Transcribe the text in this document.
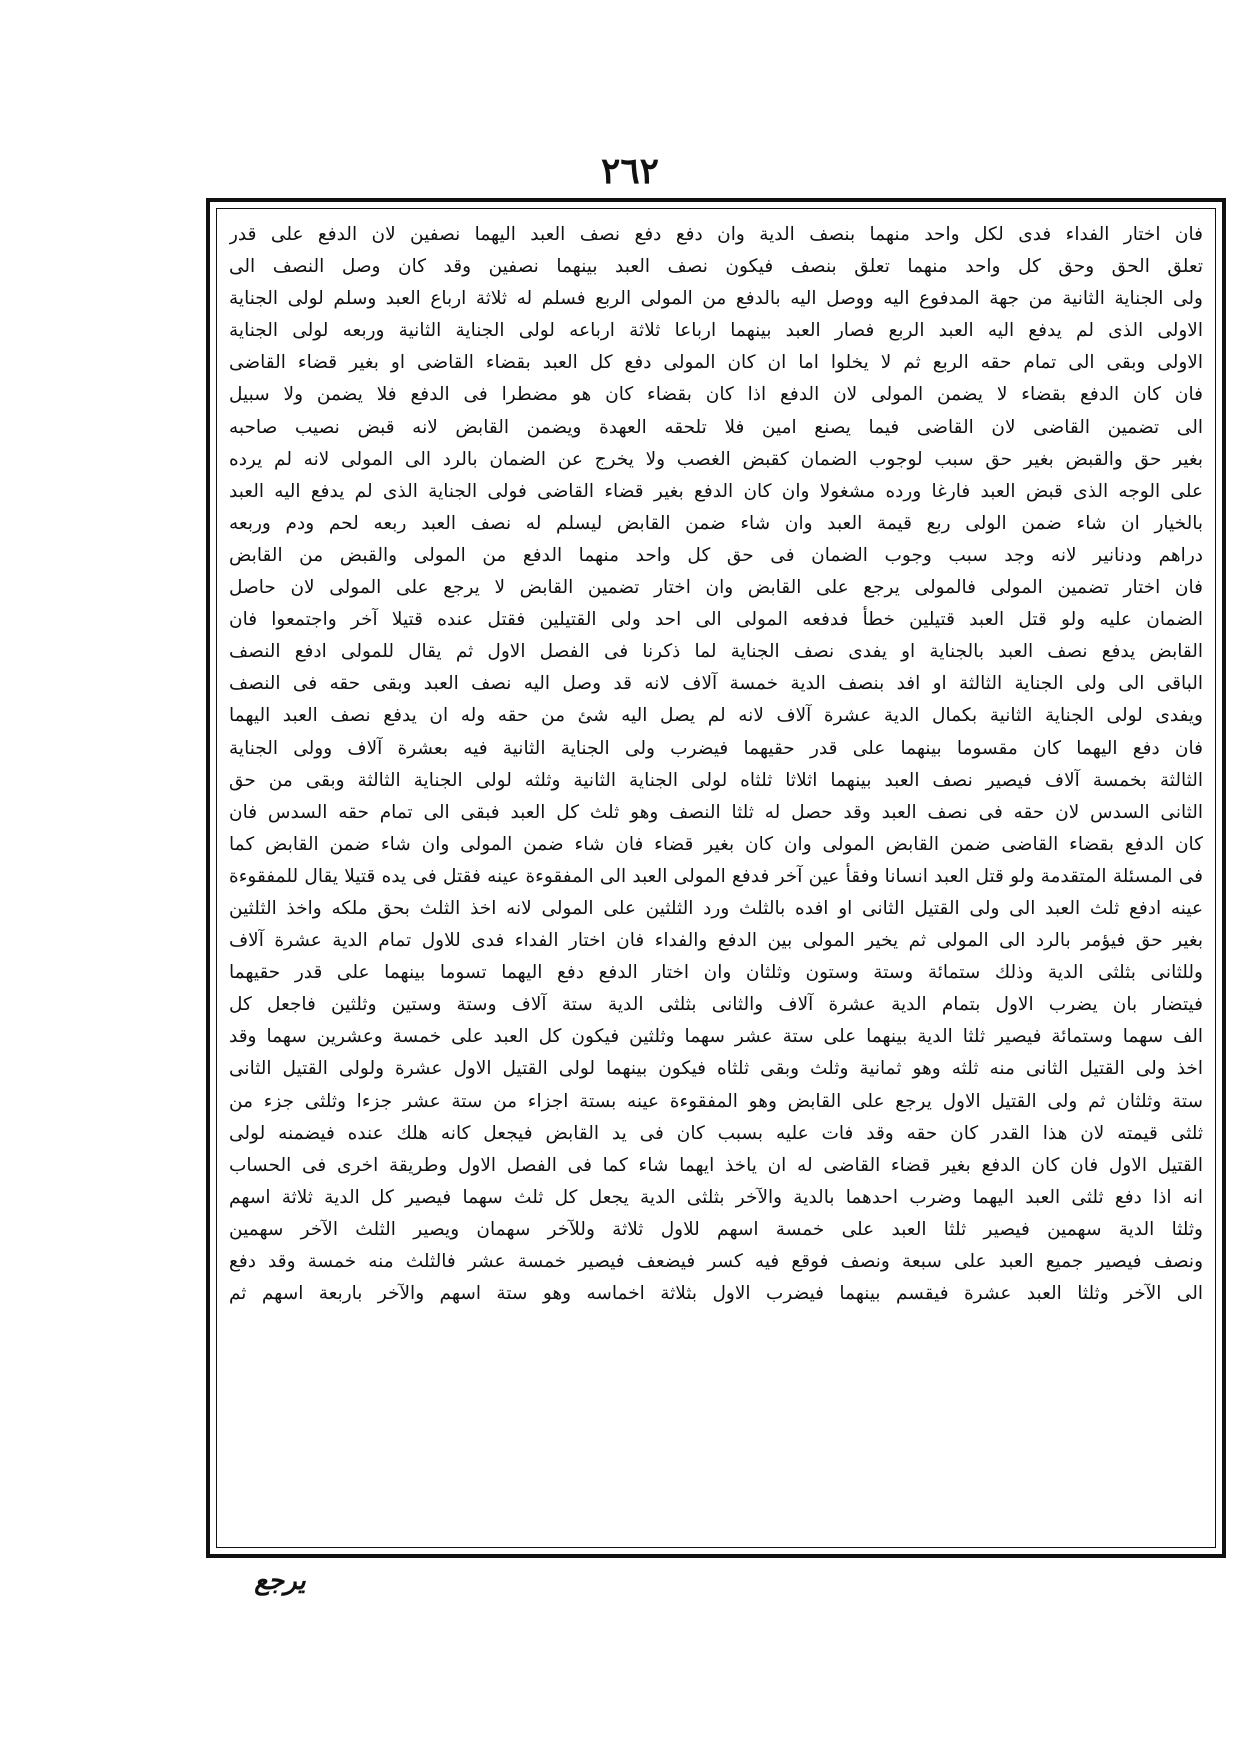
٢٦٢
فان اختار الفداء فدى لكل واحد منهما بنصف الدية وان دفع دفع نصف العبد اليهما نصفين لان الدفع على قدر
تعلق الحق وحق كل واحد منهما تعلق بنصف فيكون نصف العبد بينهما نصفين وقد كان وصل النصف الى
ولى الجناية الثانية من جهة المدفوع اليه ووصل اليه بالدفع من المولى الربع فسلم له ثلاثة ارباع العبد وسلم لولى الجناية
الاولى الذى لم يدفع اليه العبد الربع فصار العبد بينهما ارباعا ثلاثة ارباعه لولى الجناية الثانية وربعه لولى الجناية
الاولى وبقى الى تمام حقه الربع ثم لا يخلوا اما ان كان المولى دفع كل العبد بقضاء القاضى او بغير قضاء القاضى
فان كان الدفع بقضاء لا يضمن المولى لان الدفع اذا كان بقضاء كان هو مضطرا فى الدفع فلا يضمن ولا سبيل
الى تضمين القاضى لان القاضى فيما يصنع امين فلا تلحقه العهدة ويضمن القابض لانه قبض نصيب صاحبه
بغير حق والقبض بغير حق سبب لوجوب الضمان كقبض الغصب ولا يخرج عن الضمان بالرد الى المولى لانه لم يرده
على الوجه الذى قبض العبد فارغا ورده مشغولا وان كان الدفع بغير قضاء القاضى فولى الجناية الذى لم يدفع اليه العبد
بالخيار ان شاء ضمن الولى ربع قيمة العبد وان شاء ضمن القابض ليسلم له نصف العبد ربعه لحم ودم وربعه
دراهم ودنانير لانه وجد سبب وجوب الضمان فى حق كل واحد منهما الدفع من المولى والقبض من القابض
فان اختار تضمين المولى فالمولى يرجع على القابض وان اختار تضمين القابض لا يرجع على المولى لان حاصل
الضمان عليه ولو قتل العبد قتيلين خطأ فدفعه المولى الى احد ولى القتيلين فقتل عنده قتيلا آخر واجتمعوا فان
القابض يدفع نصف العبد بالجناية او يفدى نصف الجناية لما ذكرنا فى الفصل الاول ثم يقال للمولى ادفع النصف
الباقى الى ولى الجناية الثالثة او افد بنصف الدية خمسة آلاف لانه قد وصل اليه نصف العبد وبقى حقه فى النصف
ويفدى لولى الجناية الثانية بكمال الدية عشرة آلاف لانه لم يصل اليه شئ من حقه وله ان يدفع نصف العبد اليهما
فان دفع اليهما كان مقسوما بينهما على قدر حقيهما فيضرب ولى الجناية الثانية فيه بعشرة آلاف وولى الجناية
الثالثة بخمسة آلاف فيصير نصف العبد بينهما اثلاثا ثلثاه لولى الجناية الثانية وثلثه لولى الجناية الثالثة وبقى من حق
الثانى السدس لان حقه فى نصف العبد وقد حصل له ثلثا النصف وهو ثلث كل العبد فبقى الى تمام حقه السدس فان
كان الدفع بقضاء القاضى ضمن القابض المولى وان كان بغير قضاء فان شاء ضمن المولى وان شاء ضمن القابض كما
فى المسئلة المتقدمة ولو قتل العبد انسانا وفقأ عين آخر فدفع المولى العبد الى المفقوءة عينه فقتل فى يده قتيلا يقال للمفقوءة
عينه ادفع ثلث العبد الى ولى القتيل الثانى او افده بالثلث ورد الثلثين على المولى لانه اخذ الثلث بحق ملكه واخذ الثلثين
بغير حق فيؤمر بالرد الى المولى ثم يخير المولى بين الدفع والفداء فان اختار الفداء فدى للاول تمام الدية عشرة آلاف
وللثانى بثلثى الدية وذلك ستمائة وستة وستون وثلثان وان اختار الدفع دفع اليهما تسوما بينهما على قدر حقيهما
فيتضار بان يضرب الاول بتمام الدية عشرة آلاف والثانى بثلثى الدية ستة آلاف وستة وستين وثلثين فاجعل كل
الف سهما وستمائة فيصير ثلثا الدية بينهما على ستة عشر سهما وثلثين فيكون كل العبد على خمسة وعشرين سهما وقد
اخذ ولى القتيل الثانى منه ثلثه وهو ثمانية وثلث وبقى ثلثاه فيكون بينهما لولى القتيل الاول عشرة ولولى القتيل الثانى
ستة وثلثان ثم ولى القتيل الاول يرجع على القابض وهو المفقوءة عينه بستة اجزاء من ستة عشر جزءا وثلثى جزء من
ثلثى قيمته لان هذا القدر كان حقه وقد فات عليه بسبب كان فى يد القابض فيجعل كانه هلك عنده فيضمنه لولى
القتيل الاول فان كان الدفع بغير قضاء القاضى له ان ياخذ ايهما شاء كما فى الفصل الاول وطريقة اخرى فى الحساب
انه اذا دفع ثلثى العبد اليهما وضرب احدهما بالدية والآخر بثلثى الدية يجعل كل ثلث سهما فيصير كل الدية ثلاثة اسهم
وثلثا الدية سهمين فيصير ثلثا العبد على خمسة اسهم للاول ثلاثة وللآخر سهمان ويصير الثلث الآخر سهمين
ونصف فيصير جميع العبد على سبعة ونصف فوقع فيه كسر فيضعف فيصير خمسة عشر فالثلث منه خمسة وقد دفع
الى الآخر وثلثا العبد عشرة فيقسم بينهما فيضرب الاول بثلاثة اخماسه وهو ستة اسهم والآخر باربعة اسهم ثم
يرجع
